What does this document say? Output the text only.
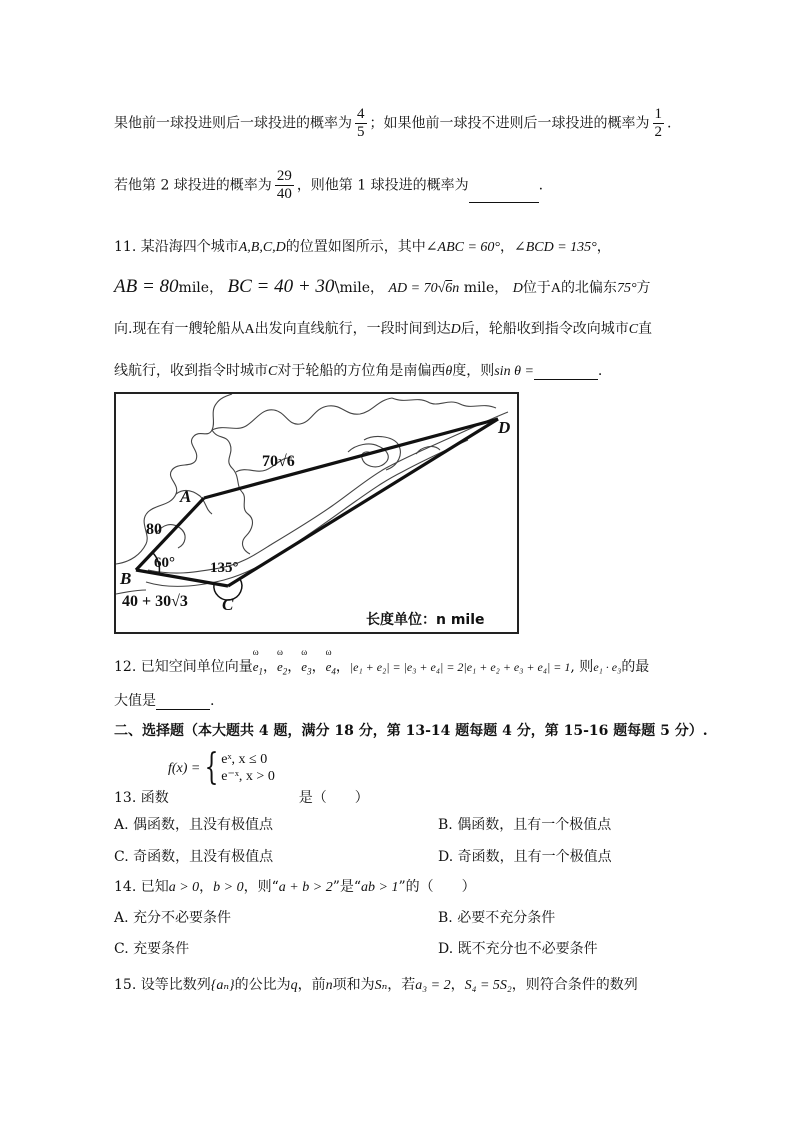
果他前一球投进则后一球投进的概率为 $\frac{4}{5}$ ；如果他前一球投不进则后一球投进的概率为 $\frac{1}{2}$ .
若他第 2 球投进的概率为 $\frac{29}{40}$ ，则他第 1 球投进的概率为	.
11. 某沿海四个城市A,B,C,D的位置如图所示，其中∠ABC = 60°，∠BCD = 135°，
AB = 80mile， BC = 40 + 30\mile， AD = 70√6n mile， D位于A的北偏东75°方
向.现在有一艘轮船从A出发向直线航行，一段时间到达D后，轮船收到指令改向城市C直
线航行，收到指令时城市C对于轮船的方位角是南偏西θ度，则sin θ =	.
A
B
C
D
70√6
80
60° 135°
40 + 30√3
长度单位：n mile
12. 已知空间单位向量ω $e_1$，ω $e_2$，ω $e_3$，ω $e_4$，|e₁ + e₂| = |e₃ + e₄| = 2|e₁ + e₂ + e₃ + e₄| = 1, 则e₁ · e₃的最
大值是	.
二、选择题（本大题共 4 题，满分 18 分，第 13-14 题每题 4 分，第 15-16 题每题 5 分）.
f(x) = { eˣ, x ≤ 0
e⁻ˣ, x > 0
13. 函数	是（　　）
A. 偶函数，且没有极值点	B. 偶函数，且有一个极值点
C. 奇函数，且没有极值点	D. 奇函数，且有一个极值点
14. 已知a > 0，b > 0，则“a + b > 2”是“ab > 1”的（　　）
A. 充分不必要条件	B. 必要不充分条件
C. 充要条件	D. 既不充分也不必要条件
15. 设等比数列{aₙ}的公比为q，前n项和为Sₙ，若a₃ = 2，S₄ = 5S₂，则符合条件的数列
